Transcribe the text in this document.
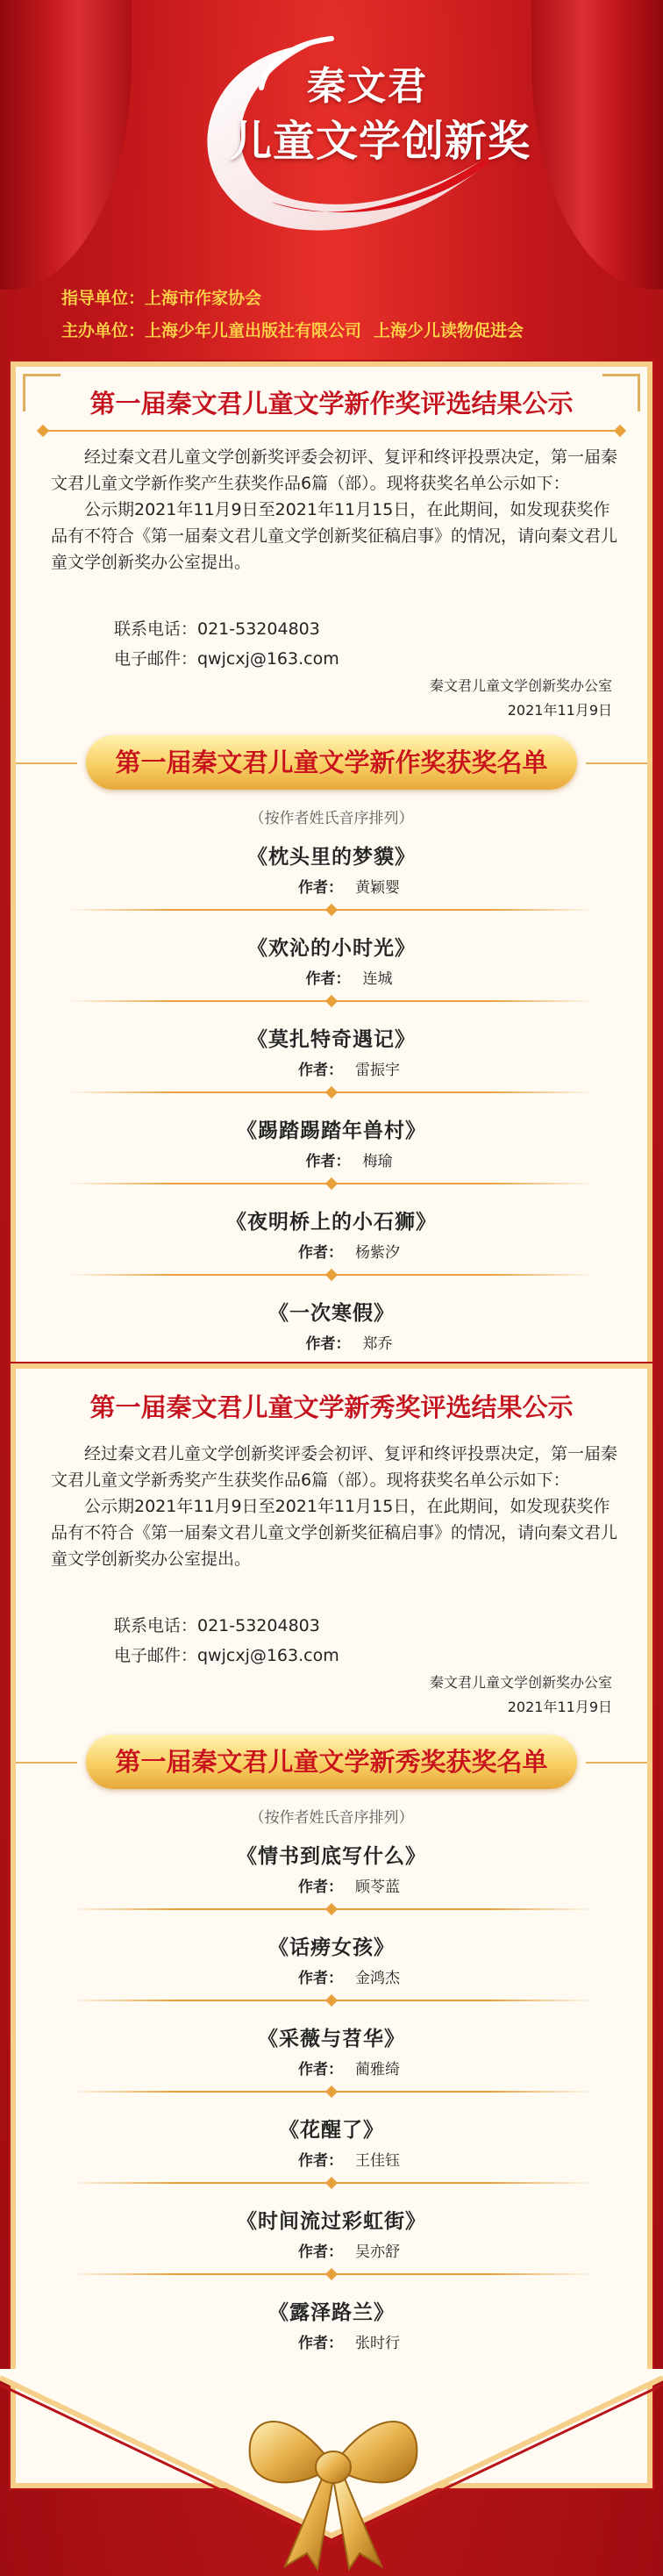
秦文君
儿童文学创新奖
指导单位：上海市作家协会
主办单位：上海少年儿童出版社有限公司 上海少儿读物促进会
第一届秦文君儿童文学新作奖评选结果公示

经过秦文君儿童文学创新奖评委会初评、复评和终评投票决定，第一届秦文君儿童文学新作奖产生获奖作品6篇（部）。现将获奖名单公示如下：

公示期2021年11月9日至2021年11月15日，在此期间，如发现获奖作品有不符合《第一届秦文君儿童文学创新奖征稿启事》的情况，请向秦文君儿童文学创新奖办公室提出。

联系电话：021-53204803
电子邮件：qwjcxj@163.com
秦文君儿童文学创新奖办公室
2021年11月9日
第一届秦文君儿童文学新作奖获奖名单
（按作者姓氏音序排列）
《枕头里的梦貘》
作者： 黄颖婴
《欢沁的小时光》
作者： 连城
《莫扎特奇遇记》
作者： 雷振宇
《踢踏踢踏年兽村》
作者： 梅瑜
《夜明桥上的小石狮》
作者： 杨紫汐
《一次寒假》
作者： 郑乔
第一届秦文君儿童文学新秀奖评选结果公示

经过秦文君儿童文学创新奖评委会初评、复评和终评投票决定，第一届秦文君儿童文学新秀奖产生获奖作品6篇（部）。现将获奖名单公示如下：

公示期2021年11月9日至2021年11月15日，在此期间，如发现获奖作品有不符合《第一届秦文君儿童文学创新奖征稿启事》的情况，请向秦文君儿童文学创新奖办公室提出。

联系电话：021-53204803
电子邮件：qwjcxj@163.com
秦文君儿童文学创新奖办公室
2021年11月9日
第一届秦文君儿童文学新秀奖获奖名单
（按作者姓氏音序排列）
《情书到底写什么》
作者： 顾苓蓝
《话痨女孩》
作者： 金鸿杰
《采薇与苕华》
作者： 蔺雅绮
《花醒了》
作者： 王佳钰
《时间流过彩虹街》
作者： 吴亦舒
《露泽路兰》
作者： 张时行
